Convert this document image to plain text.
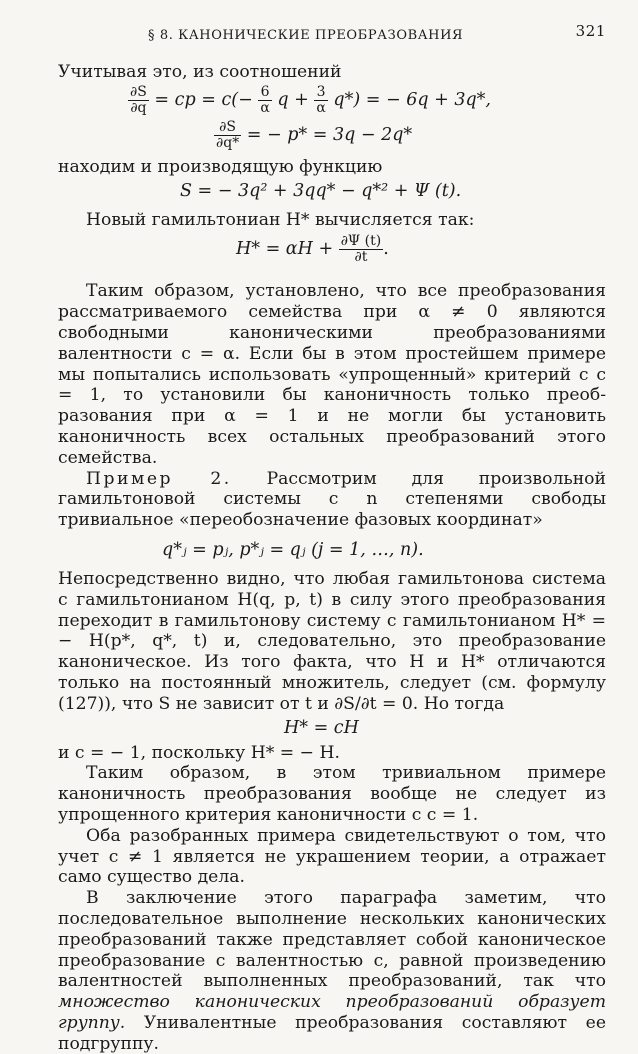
§ 8. КАНОНИЧЕСКИЕ ПРЕОБРАЗОВАНИЯ	321

Учитывая это, из соотношений

$\frac{\partial S}{\partial q}$ = cp = $c(- \frac{6}{\alpha}$ $q + \frac{3}{\alpha} q*$) = − 6q + 3q*,
$\frac{\partial S}{\partial q*}$ = − p* = 3q − 2q*

находим и производящую функцию

S = − 3q² + 3qq* − q*² + Ψ (t).

Новый гамильтониан H* вычисляется так:

$H* = \alpha H + \frac{\partial\Psi (t)}{\partial t}$ .

Таким образом, установлено, что все преобразования рассматриваемого семейства при α ≠ 0 являются свободными каноническими преобразованиями валентности c = α. Если бы в этом простейшем примере мы попытались использовать «упрощенный» критерий с c = 1, то установили бы каноничность только преобразования при α = 1 и не могли бы установить каноничность всех остальных преобразований этого семейства.

Пример 2. Рассмотрим для произвольной гамильтоновой системы с n степенями свободы тривиальное «переобозначение фазовых координат»

q*ⱼ = pⱼ, p*ⱼ = qⱼ (j = 1, …, n).

Непосредственно видно, что любая гамильтонова система с гамильтонианом H(q, p, t) в силу этого преобразования переходит в гамильтонову систему с гамильтонианом H* = − H(p*, q*, t) и, следовательно, это преобразование каноническое. Из того факта, что H и H* отличаются только на постоянный множитель, следует (см. формулу (127)), что S не зависит от t и ∂S/∂t = 0. Но тогда

H* = cH

и c = − 1, поскольку H* = − H.

Таким образом, в этом тривиальном примере каноничность преобразования вообще не следует из упрощенного критерия каноничности с c = 1.

Оба разобранных примера свидетельствуют о том, что учет c ≠ 1 является не украшением теории, а отражает само существо дела.

В заключение этого параграфа заметим, что последовательное выполнение нескольких канонических преобразований также представляет собой каноническое преобразование с валентностью c, равной произведению валентностей выполненных преобразований, так что множество канонических преобразований образует группу. Унивалентные преобразования составляют ее подгруппу.
